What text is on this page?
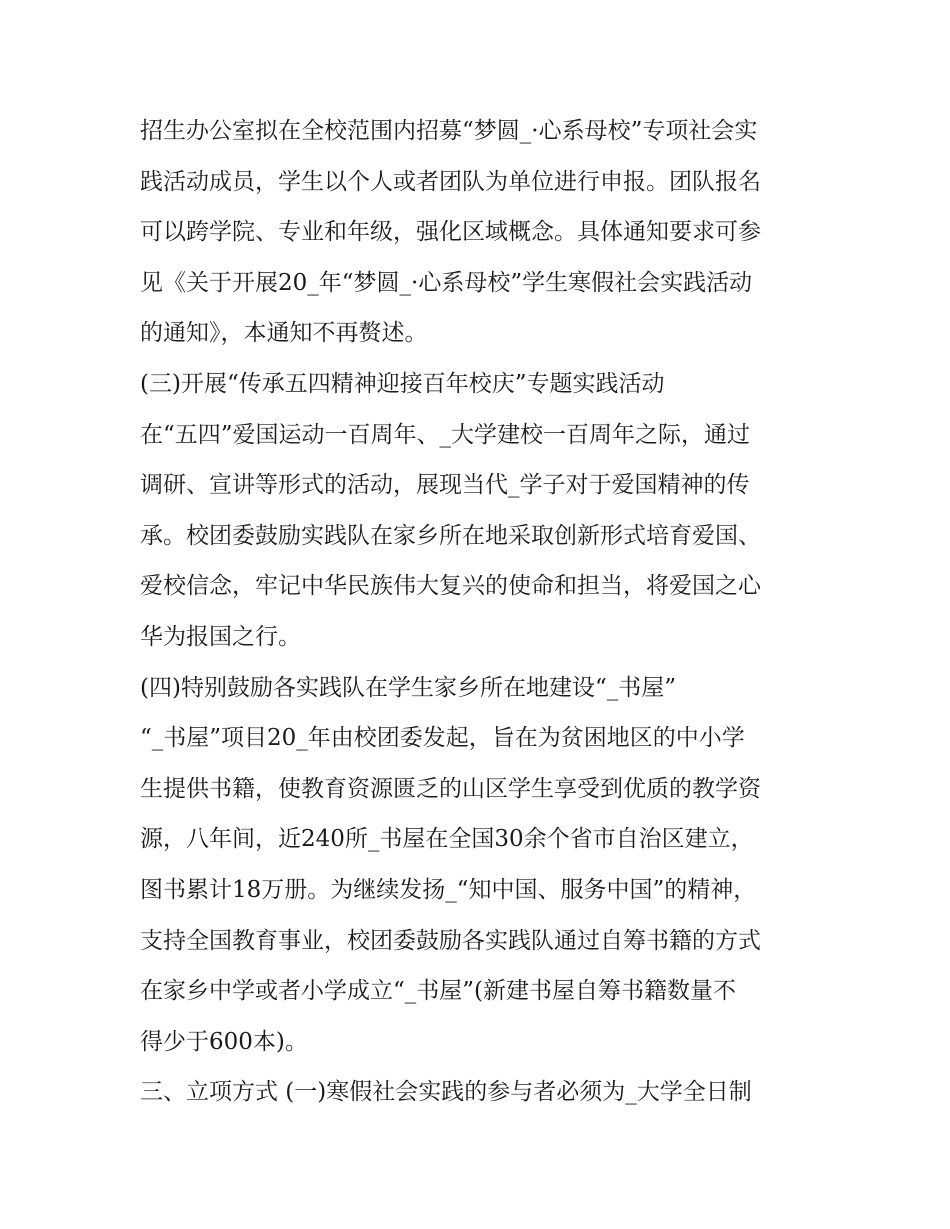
招生办公室拟在全校范围内招募“梦圆_·心系母校”专项社会实
践活动成员，学生以个人或者团队为单位进行申报。团队报名
可以跨学院、专业和年级，强化区域概念。具体通知要求可参
见《关于开展20_年“梦圆_·心系母校”学生寒假社会实践活动
的通知》，本通知不再赘述。
(三)开展“传承五四精神迎接百年校庆”专题实践活动
在“五四”爱国运动一百周年、_大学建校一百周年之际，通过
调研、宣讲等形式的活动，展现当代_学子对于爱国精神的传
承。校团委鼓励实践队在家乡所在地采取创新形式培育爱国、
爱校信念，牢记中华民族伟大复兴的使命和担当，将爱国之心
华为报国之行。
(四)特别鼓励各实践队在学生家乡所在地建设“_书屋”
“_书屋”项目20_年由校团委发起，旨在为贫困地区的中小学
生提供书籍，使教育资源匮乏的山区学生享受到优质的教学资
源，八年间，近240所_书屋在全国30余个省市自治区建立，
图书累计18万册。为继续发扬_“知中国、服务中国”的精神，
支持全国教育事业，校团委鼓励各实践队通过自筹书籍的方式
在家乡中学或者小学成立“_书屋”(新建书屋自筹书籍数量不
得少于600本)。
三、立项方式 (一)寒假社会实践的参与者必须为_大学全日制
